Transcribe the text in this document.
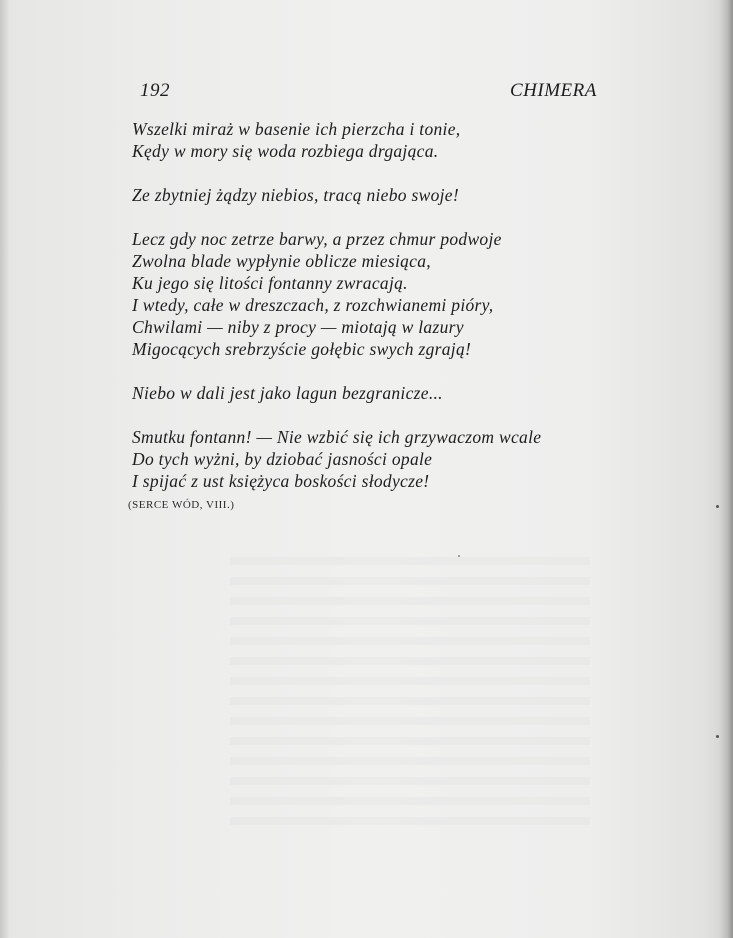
192	CHIMERA
Wszelki miraż w basenie ich pierzcha i tonie,
Kędy w mory się woda rozbiega drgająca.
Ze zbytniej żądzy niebios, tracą niebo swoje!
Lecz gdy noc zetrze barwy, a przez chmur podwoje
Zwolna blade wypłynie oblicze miesiąca,
Ku jego się litości fontanny zwracają.
I wtedy, całe w dreszczach, z rozchwianemi pióry,
Chwilami — niby z procy — miotają w lazury
Migocących srebrzyście gołębic swych zgrają!
Niebo w dali jest jako lagun bezgranicze...
Smutku fontann! — Nie wzbić się ich grzywaczom wcale
Do tych wyżni, by dziobać jasności opale
I spijać z ust księżyca boskości słodycze!
(SERCE WÓD, VIII.)
